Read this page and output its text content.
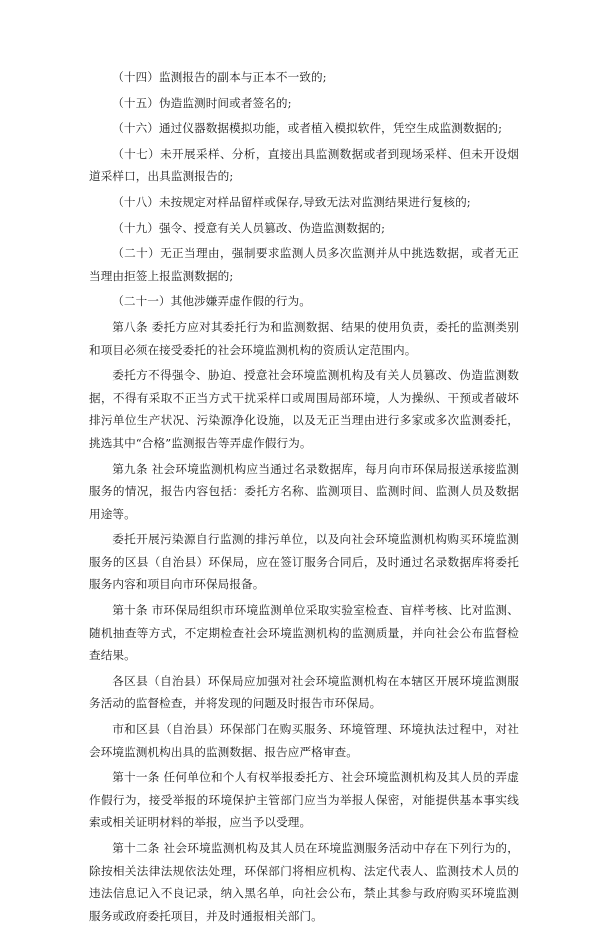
（十四）监测报告的副本与正本不一致的;

（十五）伪造监测时间或者签名的;

（十六）通过仪器数据模拟功能，或者植入模拟软件，凭空生成监测数据的;

（十七）未开展采样、分析，直接出具监测数据或者到现场采样、但未开设烟道采样口，出具监测报告的;

（十八）未按规定对样品留样或保存,导致无法对监测结果进行复核的;

（十九）强令、授意有关人员篡改、伪造监测数据的;

（二十）无正当理由，强制要求监测人员多次监测并从中挑选数据，或者无正当理由拒签上报监测数据的;

（二十一）其他涉嫌弄虚作假的行为。

第八条 委托方应对其委托行为和监测数据、结果的使用负责，委托的监测类别和项目必须在接受委托的社会环境监测机构的资质认定范围内。

委托方不得强令、胁迫、授意社会环境监测机构及有关人员篡改、伪造监测数据，不得有采取不正当方式干扰采样口或周围局部环境，人为操纵、干预或者破坏排污单位生产状况、污染源净化设施，以及无正当理由进行多家或多次监测委托，挑选其中“合格”监测报告等弄虚作假行为。

第九条 社会环境监测机构应当通过名录数据库，每月向市环保局报送承接监测服务的情况，报告内容包括：委托方名称、监测项目、监测时间、监测人员及数据用途等。

委托开展污染源自行监测的排污单位，以及向社会环境监测机构购买环境监测服务的区县（自治县）环保局，应在签订服务合同后，及时通过名录数据库将委托服务内容和项目向市环保局报备。

第十条 市环保局组织市环境监测单位采取实验室检查、盲样考核、比对监测、随机抽查等方式，不定期检查社会环境监测机构的监测质量，并向社会公布监督检查结果。

各区县（自治县）环保局应加强对社会环境监测机构在本辖区开展环境监测服务活动的监督检查，并将发现的问题及时报告市环保局。

市和区县（自治县）环保部门在购买服务、环境管理、环境执法过程中，对社会环境监测机构出具的监测数据、报告应严格审查。

第十一条 任何单位和个人有权举报委托方、社会环境监测机构及其人员的弄虚作假行为，接受举报的环境保护主管部门应当为举报人保密，对能提供基本事实线索或相关证明材料的举报，应当予以受理。

第十二条 社会环境监测机构及其人员在环境监测服务活动中存在下列行为的，除按相关法律法规依法处理，环保部门将相应机构、法定代表人、监测技术人员的违法信息记入不良记录，纳入黑名单，向社会公布，禁止其参与政府购买环境监测服务或政府委托项目，并及时通报相关部门。
